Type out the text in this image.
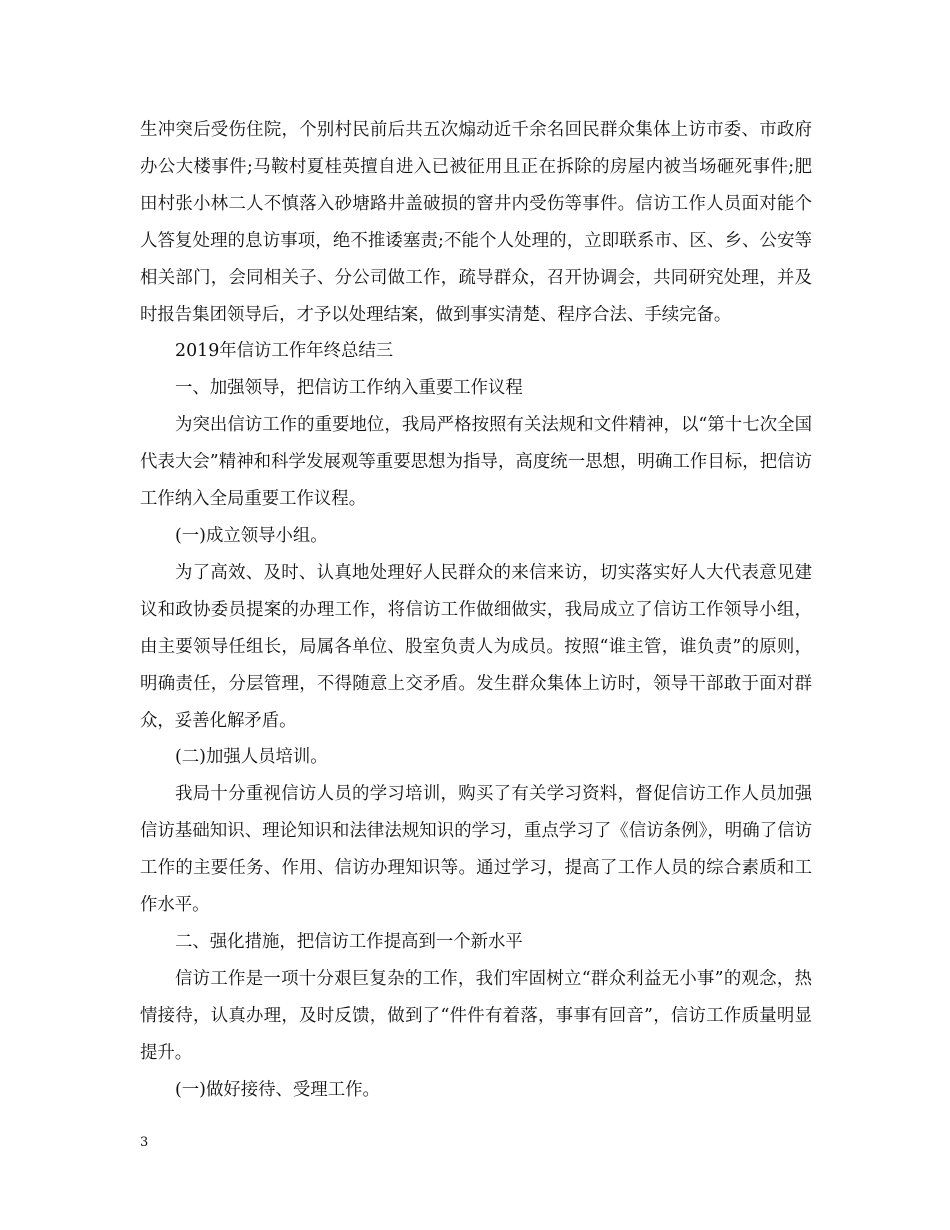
生冲突后受伤住院，个别村民前后共五次煽动近千余名回民群众集体上访市委、市政府办公大楼事件;马鞍村夏桂英擅自进入已被征用且正在拆除的房屋内被当场砸死事件;肥田村张小林二人不慎落入砂塘路井盖破损的窨井内受伤等事件。信访工作人员面对能个人答复处理的息访事项，绝不推诿塞责;不能个人处理的，立即联系市、区、乡、公安等相关部门，会同相关子、分公司做工作，疏导群众，召开协调会，共同研究处理，并及时报告集团领导后，才予以处理结案，做到事实清楚、程序合法、手续完备。

2019年信访工作年终总结三

一、加强领导，把信访工作纳入重要工作议程

为突出信访工作的重要地位，我局严格按照有关法规和文件精神，以“第十七次全国代表大会”精神和科学发展观等重要思想为指导，高度统一思想，明确工作目标，把信访工作纳入全局重要工作议程。

(一)成立领导小组。

为了高效、及时、认真地处理好人民群众的来信来访，切实落实好人大代表意见建议和政协委员提案的办理工作，将信访工作做细做实，我局成立了信访工作领导小组，由主要领导任组长，局属各单位、股室负责人为成员。按照“谁主管，谁负责”的原则，明确责任，分层管理，不得随意上交矛盾。发生群众集体上访时，领导干部敢于面对群众，妥善化解矛盾。

(二)加强人员培训。

我局十分重视信访人员的学习培训，购买了有关学习资料，督促信访工作人员加强信访基础知识、理论知识和法律法规知识的学习，重点学习了《信访条例》，明确了信访工作的主要任务、作用、信访办理知识等。通过学习，提高了工作人员的综合素质和工作水平。

二、强化措施，把信访工作提高到一个新水平

信访工作是一项十分艰巨复杂的工作，我们牢固树立“群众利益无小事”的观念，热情接待，认真办理，及时反馈，做到了“件件有着落，事事有回音”，信访工作质量明显提升。

(一)做好接待、受理工作。

3
